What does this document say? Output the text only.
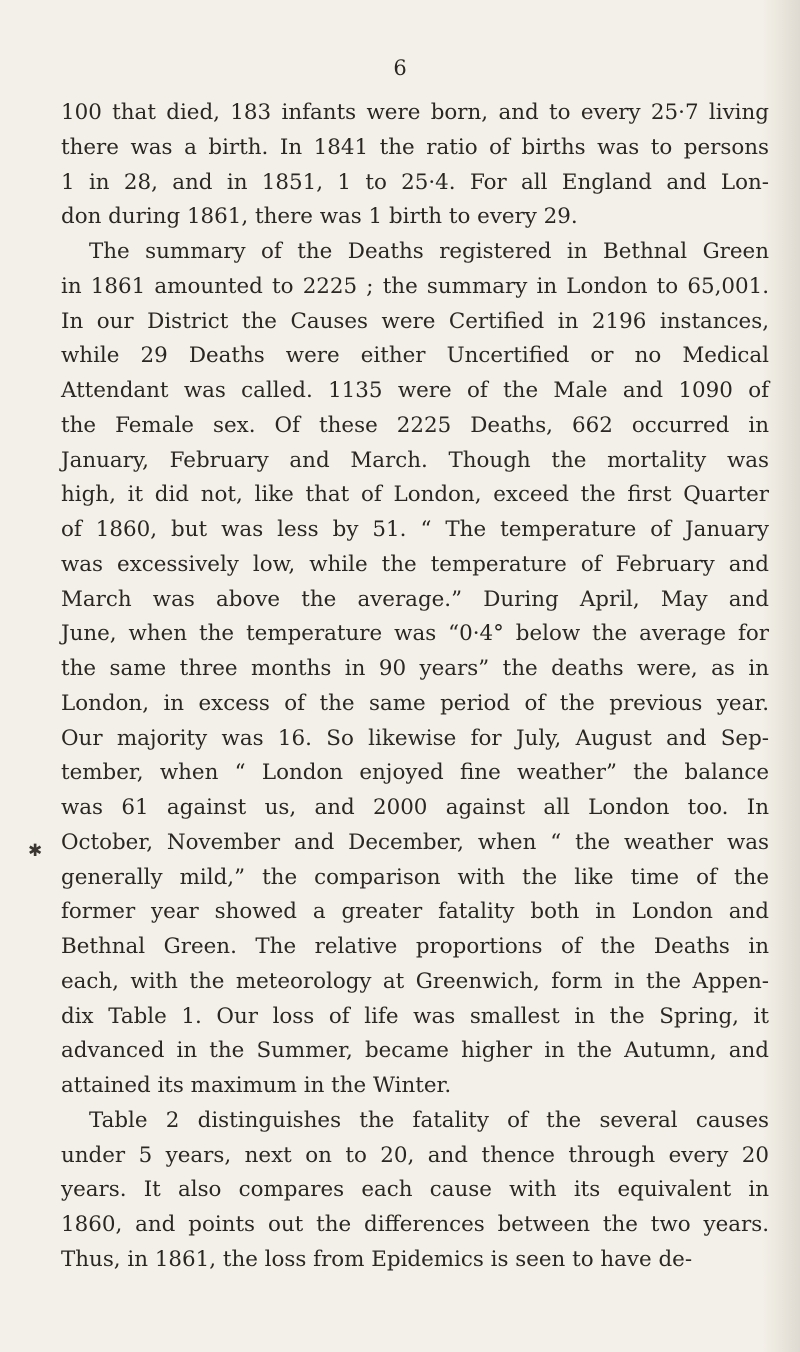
6
✱
100 that died, 183 infants were born, and to every 25·7 living
there was a birth. In 1841 the ratio of births was to persons
1 in 28, and in 1851, 1 to 25·4. For all England and Lon-
don during 1861, there was 1 birth to every 29.
The summary of the Deaths registered in Bethnal Green
in 1861 amounted to 2225 ; the summary in London to 65,001.
In our District the Causes were Certified in 2196 instances,
while 29 Deaths were either Uncertified or no Medical
Attendant was called. 1135 were of the Male and 1090 of
the Female sex. Of these 2225 Deaths, 662 occurred in
January, February and March. Though the mortality was
high, it did not, like that of London, exceed the first Quarter
of 1860, but was less by 51. “ The temperature of January
was excessively low, while the temperature of February and
March was above the average.” During April, May and
June, when the temperature was “0·4° below the average for
the same three months in 90 years” the deaths were, as in
London, in excess of the same period of the previous year.
Our majority was 16. So likewise for July, August and Sep-
tember, when “ London enjoyed fine weather” the balance
was 61 against us, and 2000 against all London too. In
October, November and December, when “ the weather was
generally mild,” the comparison with the like time of the
former year showed a greater fatality both in London and
Bethnal Green. The relative proportions of the Deaths in
each, with the meteorology at Greenwich, form in the Appen-
dix Table 1. Our loss of life was smallest in the Spring, it
advanced in the Summer, became higher in the Autumn, and
attained its maximum in the Winter.
Table 2 distinguishes the fatality of the several causes
under 5 years, next on to 20, and thence through every 20
years. It also compares each cause with its equivalent in
1860, and points out the differences between the two years.
Thus, in 1861, the loss from Epidemics is seen to have de-
